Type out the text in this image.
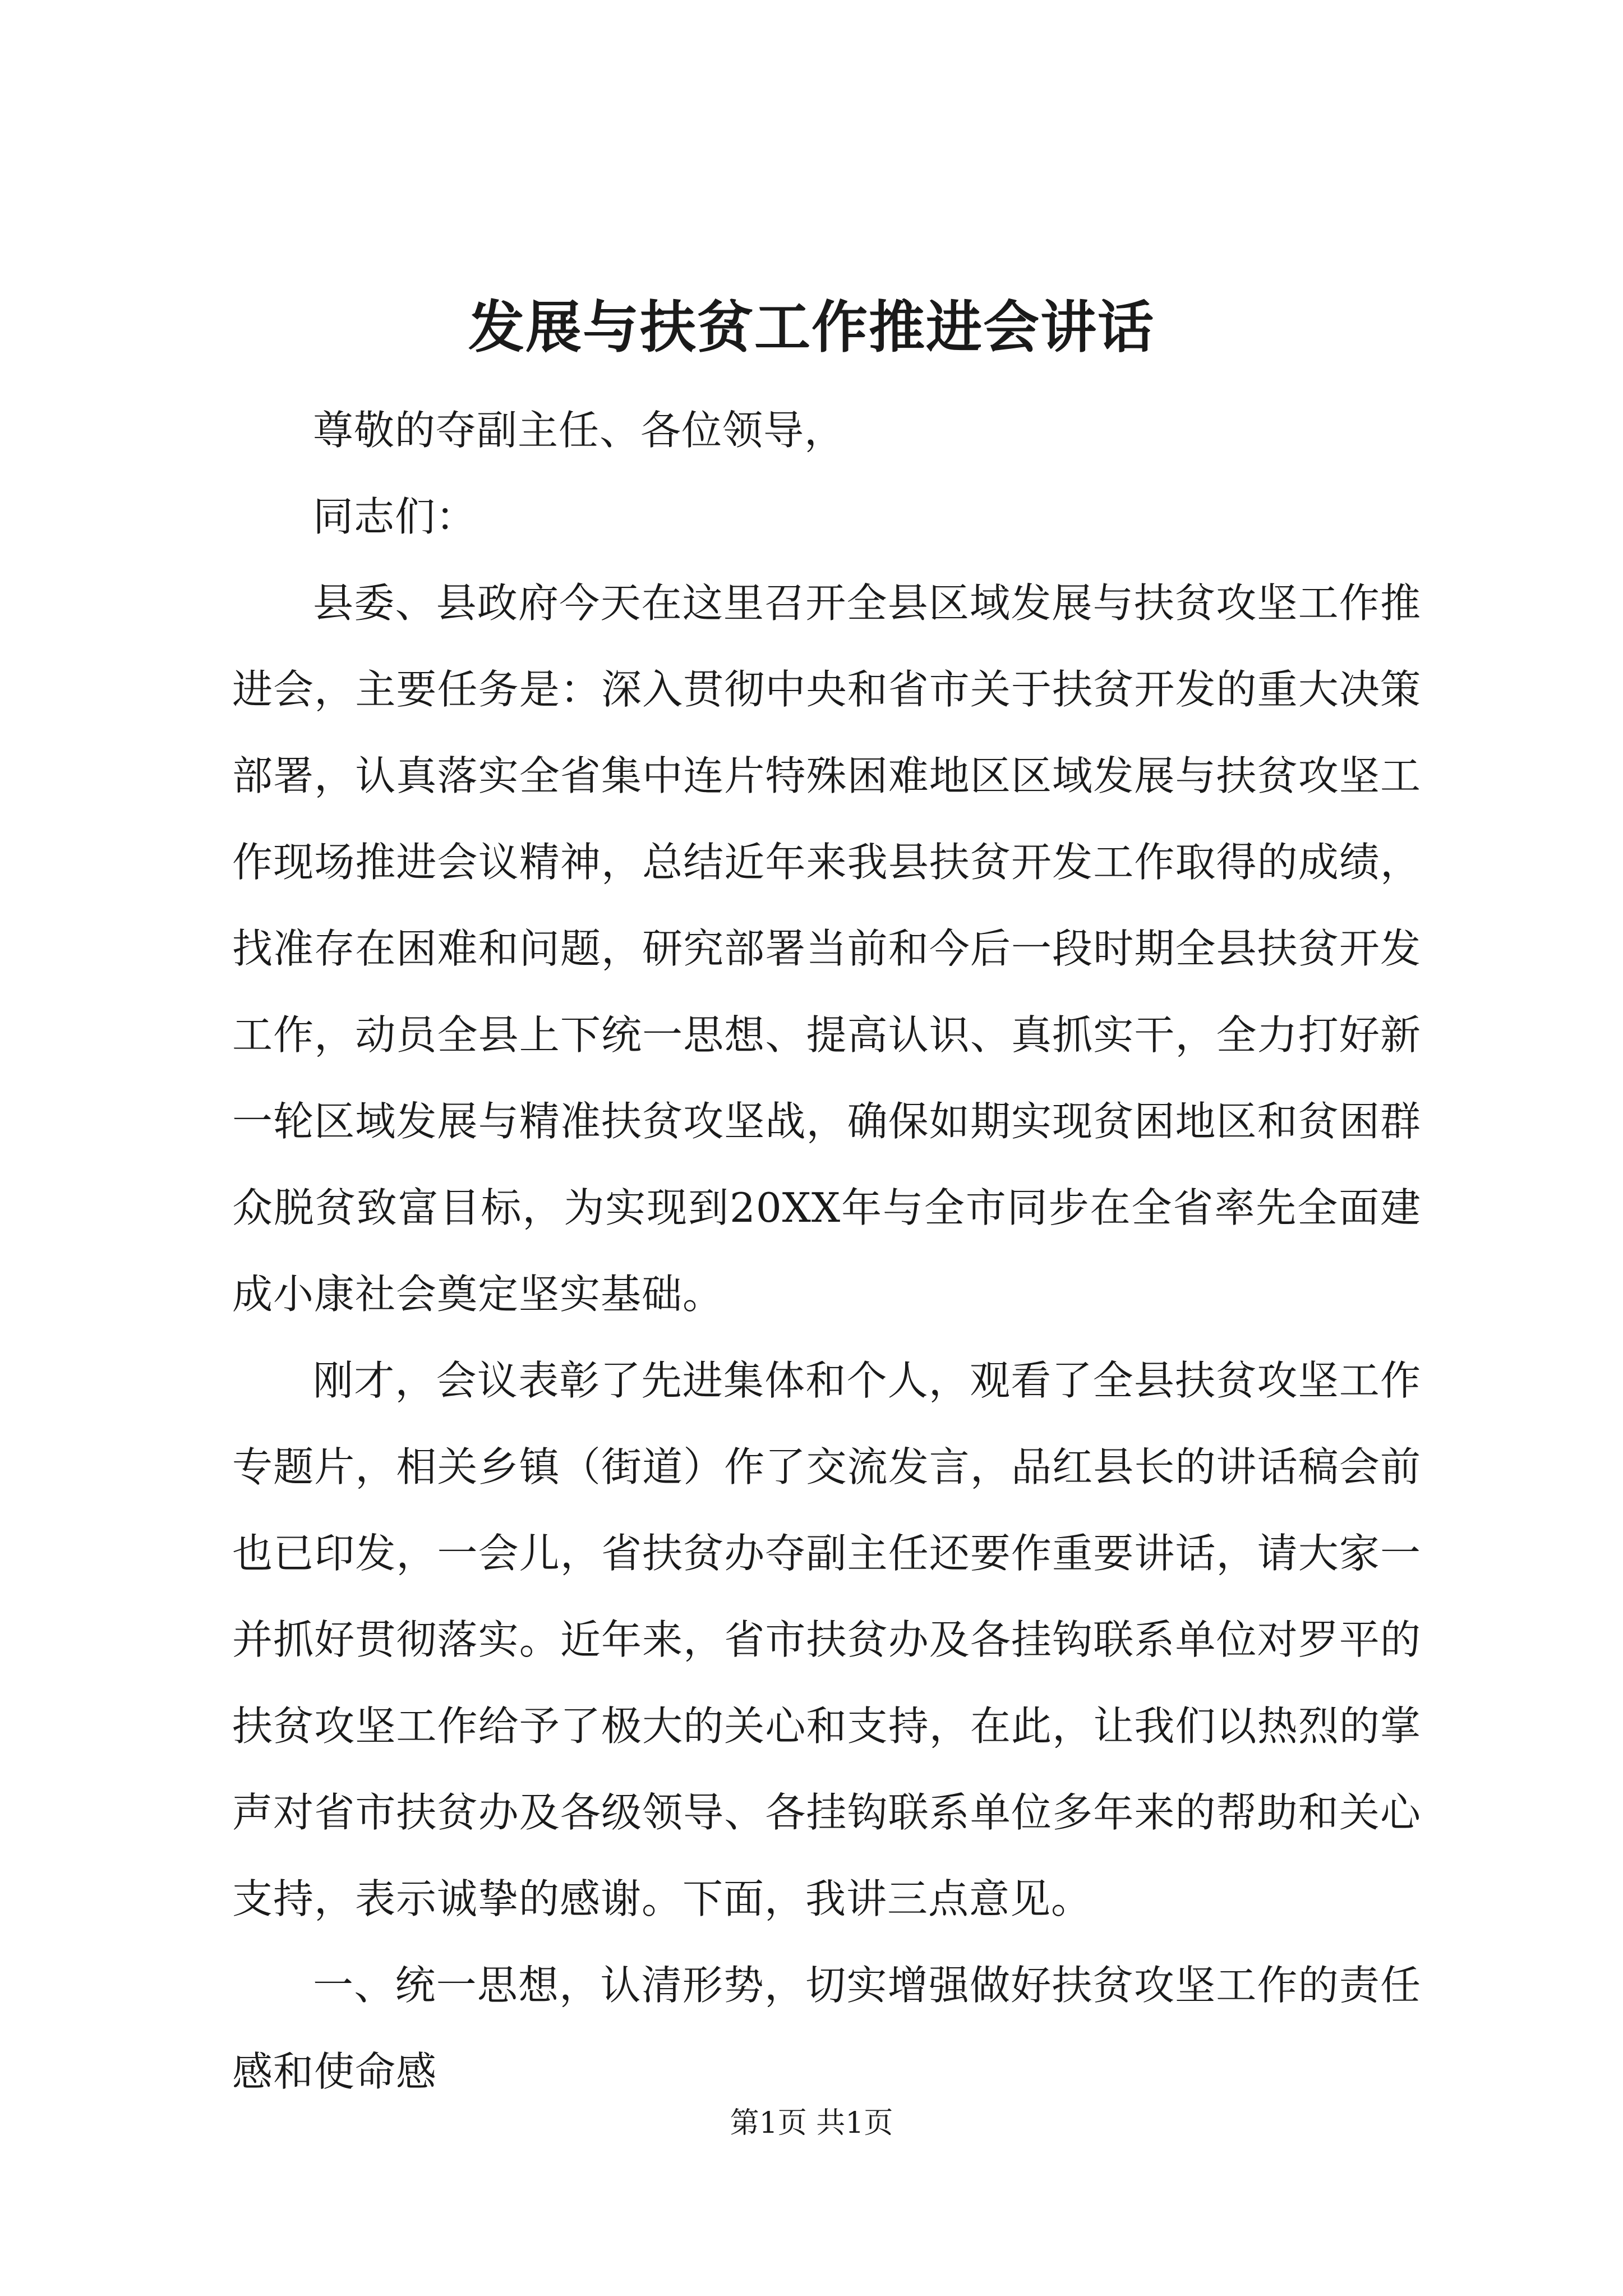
发展与扶贫工作推进会讲话

尊敬的夺副主任、各位领导，

同志们：

县委、县政府今天在这里召开全县区域发展与扶贫攻坚工作推进会，主要任务是：深入贯彻中央和省市关于扶贫开发的重大决策部署，认真落实全省集中连片特殊困难地区区域发展与扶贫攻坚工作现场推进会议精神，总结近年来我县扶贫开发工作取得的成绩，找准存在困难和问题，研究部署当前和今后一段时期全县扶贫开发工作，动员全县上下统一思想、提高认识、真抓实干，全力打好新一轮区域发展与精准扶贫攻坚战，确保如期实现贫困地区和贫困群众脱贫致富目标，为实现到20XX年与全市同步在全省率先全面建成小康社会奠定坚实基础。

刚才，会议表彰了先进集体和个人，观看了全县扶贫攻坚工作专题片，相关乡镇（街道）作了交流发言，品红县长的讲话稿会前也已印发，一会儿，省扶贫办夺副主任还要作重要讲话，请大家一并抓好贯彻落实。近年来，省市扶贫办及各挂钩联系单位对罗平的扶贫攻坚工作给予了极大的关心和支持，在此，让我们以热烈的掌声对省市扶贫办及各级领导、各挂钩联系单位多年来的帮助和关心支持，表示诚挚的感谢。下面，我讲三点意见。

一、统一思想，认清形势，切实增强做好扶贫攻坚工作的责任感和使命感

第1页 共1页
